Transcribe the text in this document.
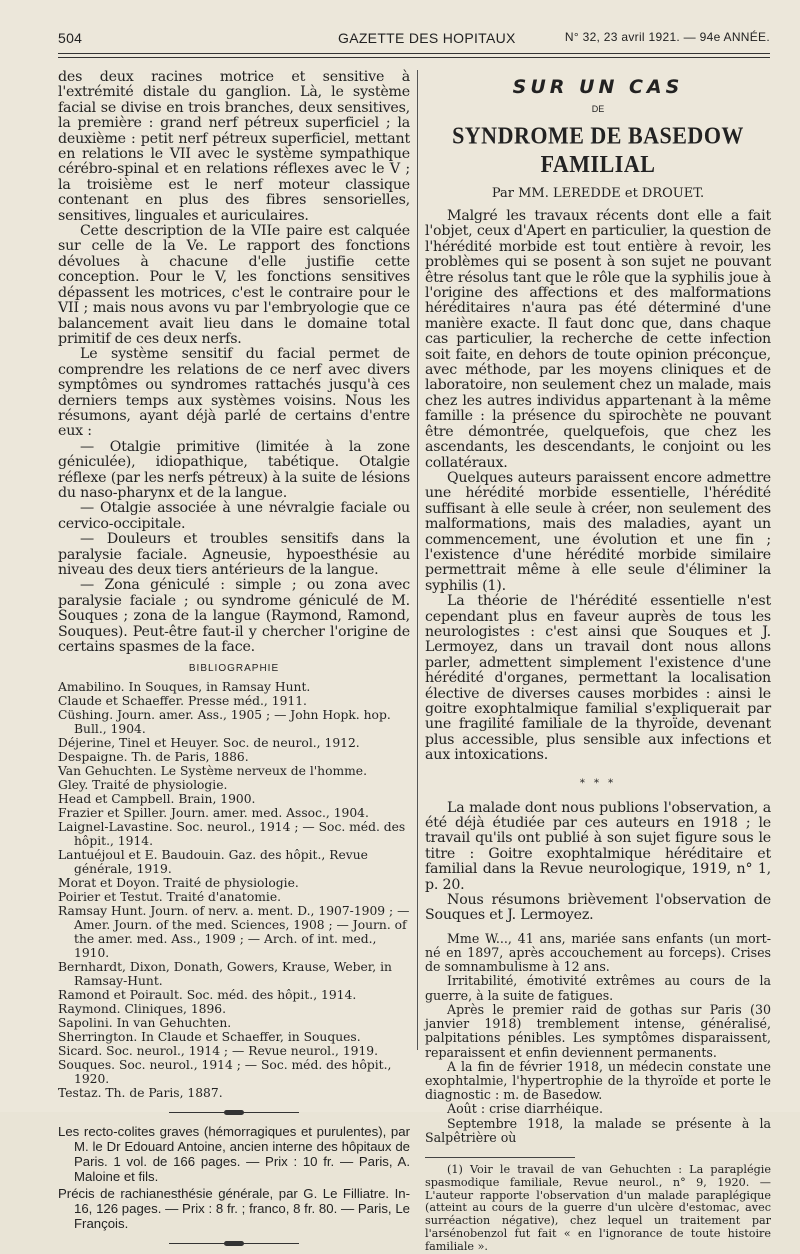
504	GAZETTE DES HOPITAUX	N° 32, 23 avril 1921. — 94e ANNÉE.

des deux racines motrice et sensitive à l'extrémité distale du ganglion. Là, le système facial se divise en trois branches, deux sensitives, la première : grand nerf pétreux superficiel ; la deuxième : petit nerf pétreux superficiel, mettant en relations le VII avec le système sympathique cérébro-spinal et en relations réflexes avec le V ; la troisième est le nerf moteur classique contenant en plus des fibres sensorielles, sensitives, linguales et auriculaires.

Cette description de la VIIe paire est calquée sur celle de la Ve. Le rapport des fonctions dévolues à chacune d'elle justifie cette conception. Pour le V, les fonctions sensitives dépassent les motrices, c'est le contraire pour le VII ; mais nous avons vu par l'embryologie que ce balancement avait lieu dans le domaine total primitif de ces deux nerfs.

Le système sensitif du facial permet de comprendre les relations de ce nerf avec divers symptômes ou syndromes rattachés jusqu'à ces derniers temps aux systèmes voisins. Nous les résumons, ayant déjà parlé de certains d'entre eux :

— Otalgie primitive (limitée à la zone géniculée), idiopathique, tabétique. Otalgie réflexe (par les nerfs pétreux) à la suite de lésions du naso-pharynx et de la langue.

— Otalgie associée à une névralgie faciale ou cervico-occipitale.

— Douleurs et troubles sensitifs dans la paralysie faciale. Agneusie, hypoesthésie au niveau des deux tiers antérieurs de la langue.

— Zona géniculé : simple ; ou zona avec paralysie faciale ; ou syndrome géniculé de M. Souques ; zona de la langue (Raymond, Ramond, Souques). Peut-être faut-il y chercher l'origine de certains spasmes de la face.

BIBLIOGRAPHIE

Amabilino. In Souques, in Ramsay Hunt.

Claude et Schaeffer. Presse méd., 1911.

Cüshing. Journ. amer. Ass., 1905 ; — John Hopk. hop. Bull., 1904.

Déjerine, Tinel et Heuyer. Soc. de neurol., 1912.

Despaigne. Th. de Paris, 1886.

Van Gehuchten. Le Système nerveux de l'homme.

Gley. Traité de physiologie.

Head et Campbell. Brain, 1900.

Frazier et Spiller. Journ. amer. med. Assoc., 1904.

Laignel-Lavastine. Soc. neurol., 1914 ; — Soc. méd. des hôpit., 1914.

Lantuéjoul et E. Baudouin. Gaz. des hôpit., Revue générale, 1919.

Morat et Doyon. Traité de physiologie.

Poirier et Testut. Traité d'anatomie.

Ramsay Hunt. Journ. of nerv. a. ment. D., 1907-1909 ; — Amer. Journ. of the med. Sciences, 1908 ; — Journ. of the amer. med. Ass., 1909 ; — Arch. of int. med., 1910.

Bernhardt, Dixon, Donath, Gowers, Krause, Weber, in Ramsay-Hunt.

Ramond et Poirault. Soc. méd. des hôpit., 1914.

Raymond. Cliniques, 1896.

Sapolini. In van Gehuchten.

Sherrington. In Claude et Schaeffer, in Souques.

Sicard. Soc. neurol., 1914 ; — Revue neurol., 1919.

Souques. Soc. neurol., 1914 ; — Soc. méd. des hôpit., 1920.

Testaz. Th. de Paris, 1887.

Les recto-colites graves (hémorragiques et purulentes), par M. le Dr Edouard Antoine, ancien interne des hôpitaux de Paris. 1 vol. de 166 pages. — Prix : 10 fr. — Paris, A. Maloine et fils.

Précis de rachianesthésie générale, par G. Le Filliatre. In-16, 126 pages. — Prix : 8 fr. ; franco, 8 fr. 80. — Paris, Le François.

SUR UN CAS
DE
SYNDROME DE BASEDOW FAMILIAL
Par MM. LEREDDE et DROUET.

Malgré les travaux récents dont elle a fait l'objet, ceux d'Apert en particulier, la question de l'hérédité morbide est tout entière à revoir, les problèmes qui se posent à son sujet ne pouvant être résolus tant que le rôle que la syphilis joue à l'origine des affections et des malformations héréditaires n'aura pas été déterminé d'une manière exacte. Il faut donc que, dans chaque cas particulier, la recherche de cette infection soit faite, en dehors de toute opinion préconçue, avec méthode, par les moyens cliniques et de laboratoire, non seulement chez un malade, mais chez les autres individus appartenant à la même famille : la présence du spirochète ne pouvant être démontrée, quelquefois, que chez les ascendants, les descendants, le conjoint ou les collatéraux.

Quelques auteurs paraissent encore admettre une hérédité morbide essentielle, l'hérédité suffisant à elle seule à créer, non seulement des malformations, mais des maladies, ayant un commencement, une évolution et une fin ; l'existence d'une hérédité morbide similaire permettrait même à elle seule d'éliminer la syphilis (1).

La théorie de l'hérédité essentielle n'est cependant plus en faveur auprès de tous les neurologistes : c'est ainsi que Souques et J. Lermoyez, dans un travail dont nous allons parler, admettent simplement l'existence d'une hérédité d'organes, permettant la localisation élective de diverses causes morbides : ainsi le goitre exophtalmique familial s'expliquerait par une fragilité familiale de la thyroïde, devenant plus accessible, plus sensible aux infections et aux intoxications.

* * *

La malade dont nous publions l'observation, a été déjà étudiée par ces auteurs en 1918 ; le travail qu'ils ont publié à son sujet figure sous le titre : Goitre exophtalmique héréditaire et familial dans la Revue neurologique, 1919, n° 1, p. 20.

Nous résumons brièvement l'observation de Souques et J. Lermoyez.

Mme W..., 41 ans, mariée sans enfants (un mort-né en 1897, après accouchement au forceps). Crises de somnambulisme à 12 ans.

Irritabilité, émotivité extrêmes au cours de la guerre, à la suite de fatigues.

Après le premier raid de gothas sur Paris (30 janvier 1918) tremblement intense, généralisé, palpitations pénibles. Les symptômes disparaissent, reparaissent et enfin deviennent permanents.

A la fin de février 1918, un médecin constate une exophtalmie, l'hypertrophie de la thyroïde et porte le diagnostic : m. de Basedow.

Août : crise diarrhéique.

Septembre 1918, la malade se présente à la Salpêtrière où

(1) Voir le travail de van Gehuchten : La paraplégie spasmodique familiale, Revue neurol., n° 9, 1920. — L'auteur rapporte l'observation d'un malade paraplégique (atteint au cours de la guerre d'un ulcère d'estomac, avec surréaction négative), chez lequel un traitement par l'arsénobenzol fut fait « en l'ignorance de toute histoire familiale ».
